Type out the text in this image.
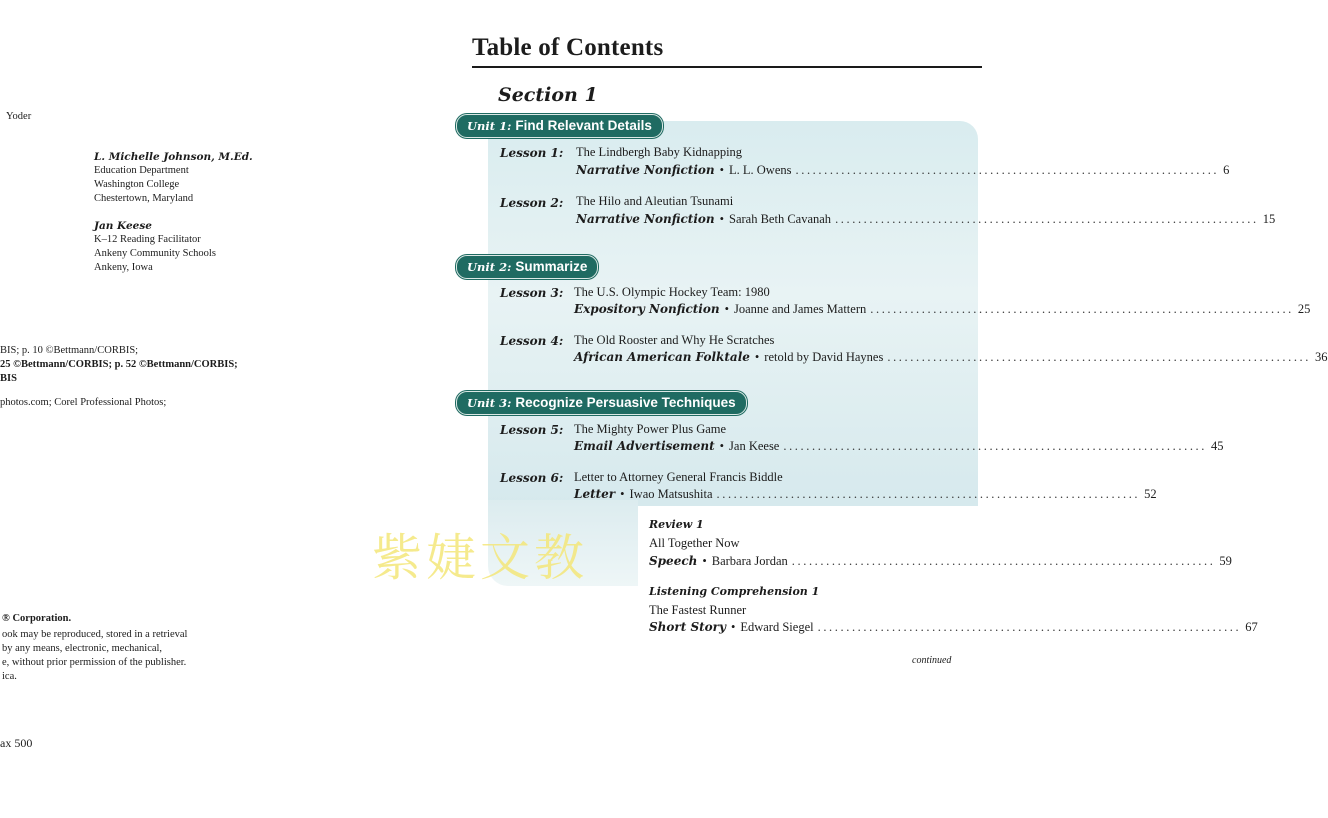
Yoder
L. Michelle Johnson, M.Ed.
Education Department
Washington College
Chestertown, Maryland
Jan Keese
K–12 Reading Facilitator
Ankeny Community Schools
Ankeny, Iowa
BIS; p. 10 ©Bettmann/CORBIS;
25 ©Bettmann/CORBIS; p. 52 ©Bettmann/CORBIS;
BIS
photos.com; Corel Professional Photos;
® Corporation.
ook may be reproduced, stored in a retrieval
by any means, electronic, mechanical,
e, without prior permission of the publisher.
ica.
ax 500
Table of Contents
Section 1
Unit 1: Find Relevant Details
Lesson 1: The Lindbergh Baby Kidnapping
Narrative Nonfiction • L. L. Owens .......................................................................... 6
Lesson 2: The Hilo and Aleutian Tsunami
Narrative Nonfiction • Sarah Beth Cavanah .......................................................................... 15
Unit 2: Summarize
Lesson 3: The U.S. Olympic Hockey Team: 1980
Expository Nonfiction • Joanne and James Mattern .......................................................................... 25
Lesson 4: The Old Rooster and Why He Scratches
African American Folktale • retold by David Haynes .......................................................................... 36
Unit 3: Recognize Persuasive Techniques
Lesson 5: The Mighty Power Plus Game
Email Advertisement • Jan Keese .......................................................................... 45
Lesson 6: Letter to Attorney General Francis Biddle
Letter • Iwao Matsushita .......................................................................... 52
Review 1
All Together Now
Speech • Barbara Jordan .......................................................................... 59
Listening Comprehension 1
The Fastest Runner
Short Story • Edward Siegel .......................................................................... 67
continued
紫婕文教
